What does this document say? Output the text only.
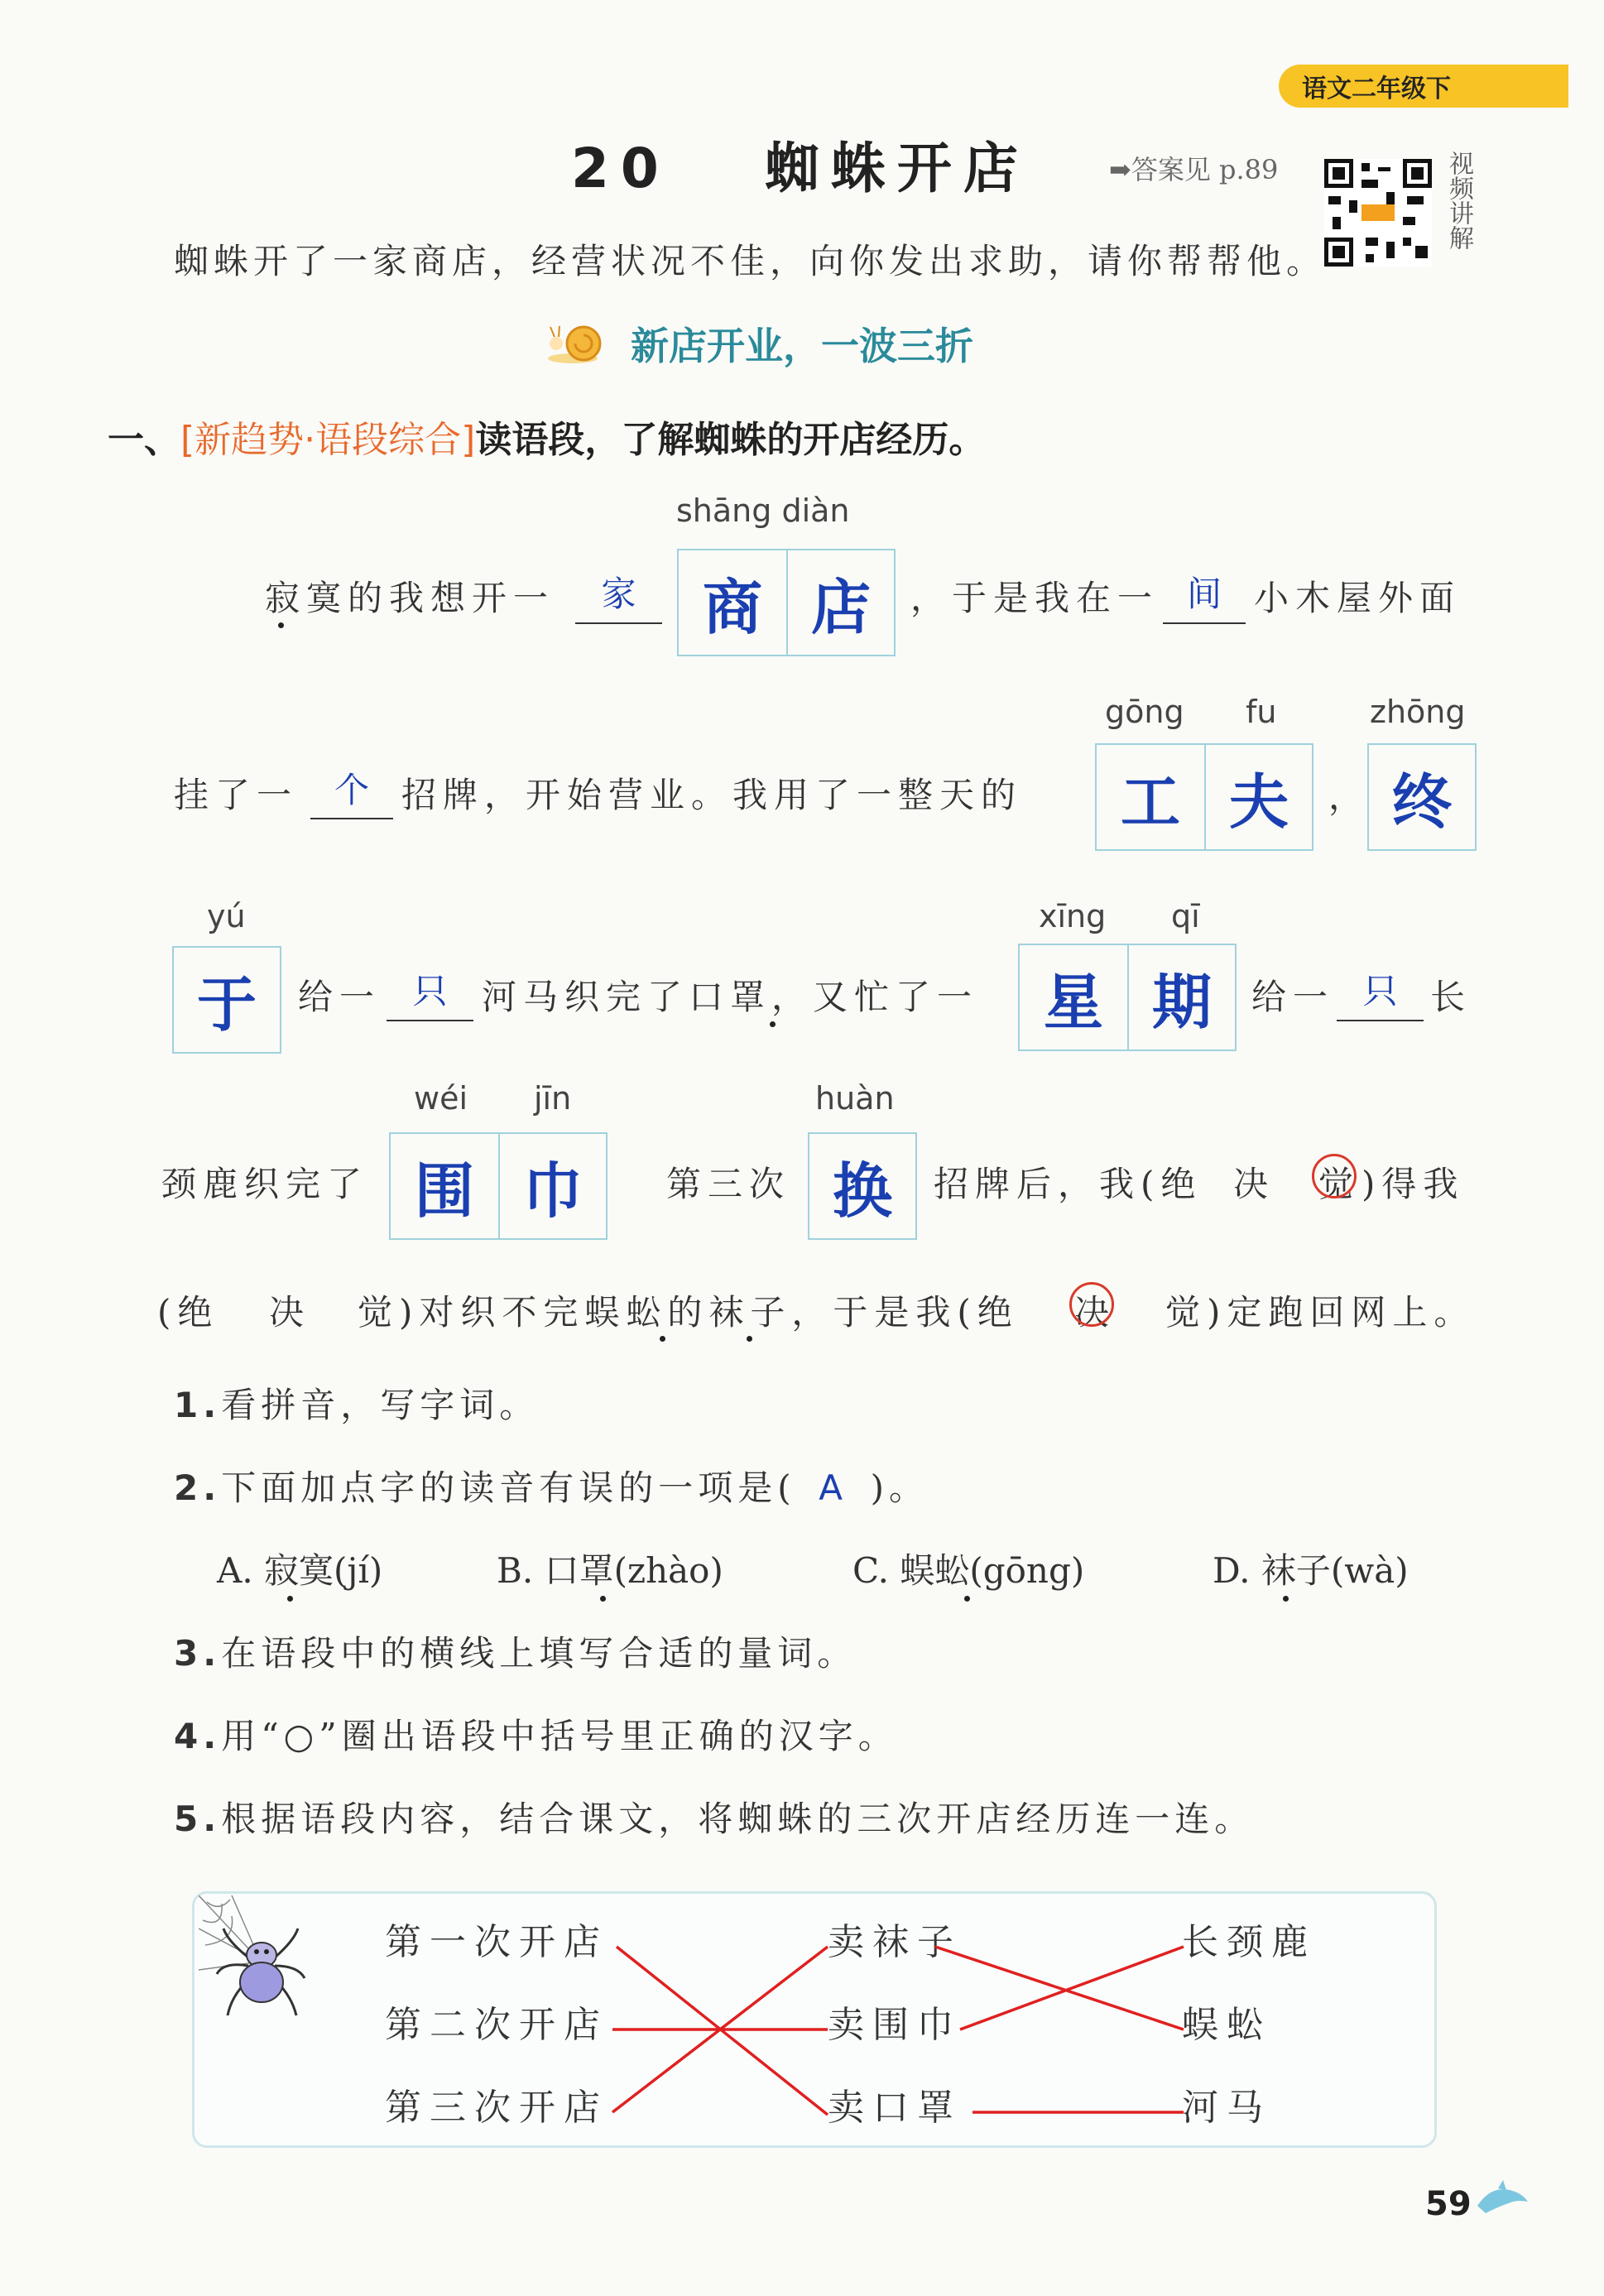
语文二年级下
20 蜘蛛开店	➡答案见 p.89	视频讲解
蜘蛛开了一家商店，经营状况不佳，向你发出求助，请你帮帮他。
新店开业，一波三折
一、[新趋势·语段综合]读语段，了解蜘蛛的开店经历。
shāng diàn
寂寞的我想开一	家	商 店	，于是我在一 间 小木屋外面
gōng fu	zhōng
挂了一	个 招牌，开始营业。我用了一整天的	工 夫	， 终
yú	xīng qī
于	给一 只 河马织完了口罩，又忙了一	星 期	给一 只 长
wéi jīn	huàn
颈鹿织完了 围 巾	第三次 换	招牌后，我(绝 决 觉 )得我
(绝 决 觉 )对织不完蜈蚣的袜子，于是我(绝 决 觉 )定跑回网上。
1.看拼音，写字词。
2.下面加点字的读音有误的一项是( A )。
A. 寂寞(jí)	B. 口罩(zhào)	C. 蜈蚣(gōng)	D. 袜子(wà)
3.在语段中的横线上填写合适的量词。
4.用“○”圈出语段中括号里正确的汉字。
5.根据语段内容，结合课文，将蜘蛛的三次开店经历连一连。
第一次开店
第二次开店
第三次开店
卖袜子
卖围巾
卖口罩
长颈鹿
蜈蚣
河马
59
